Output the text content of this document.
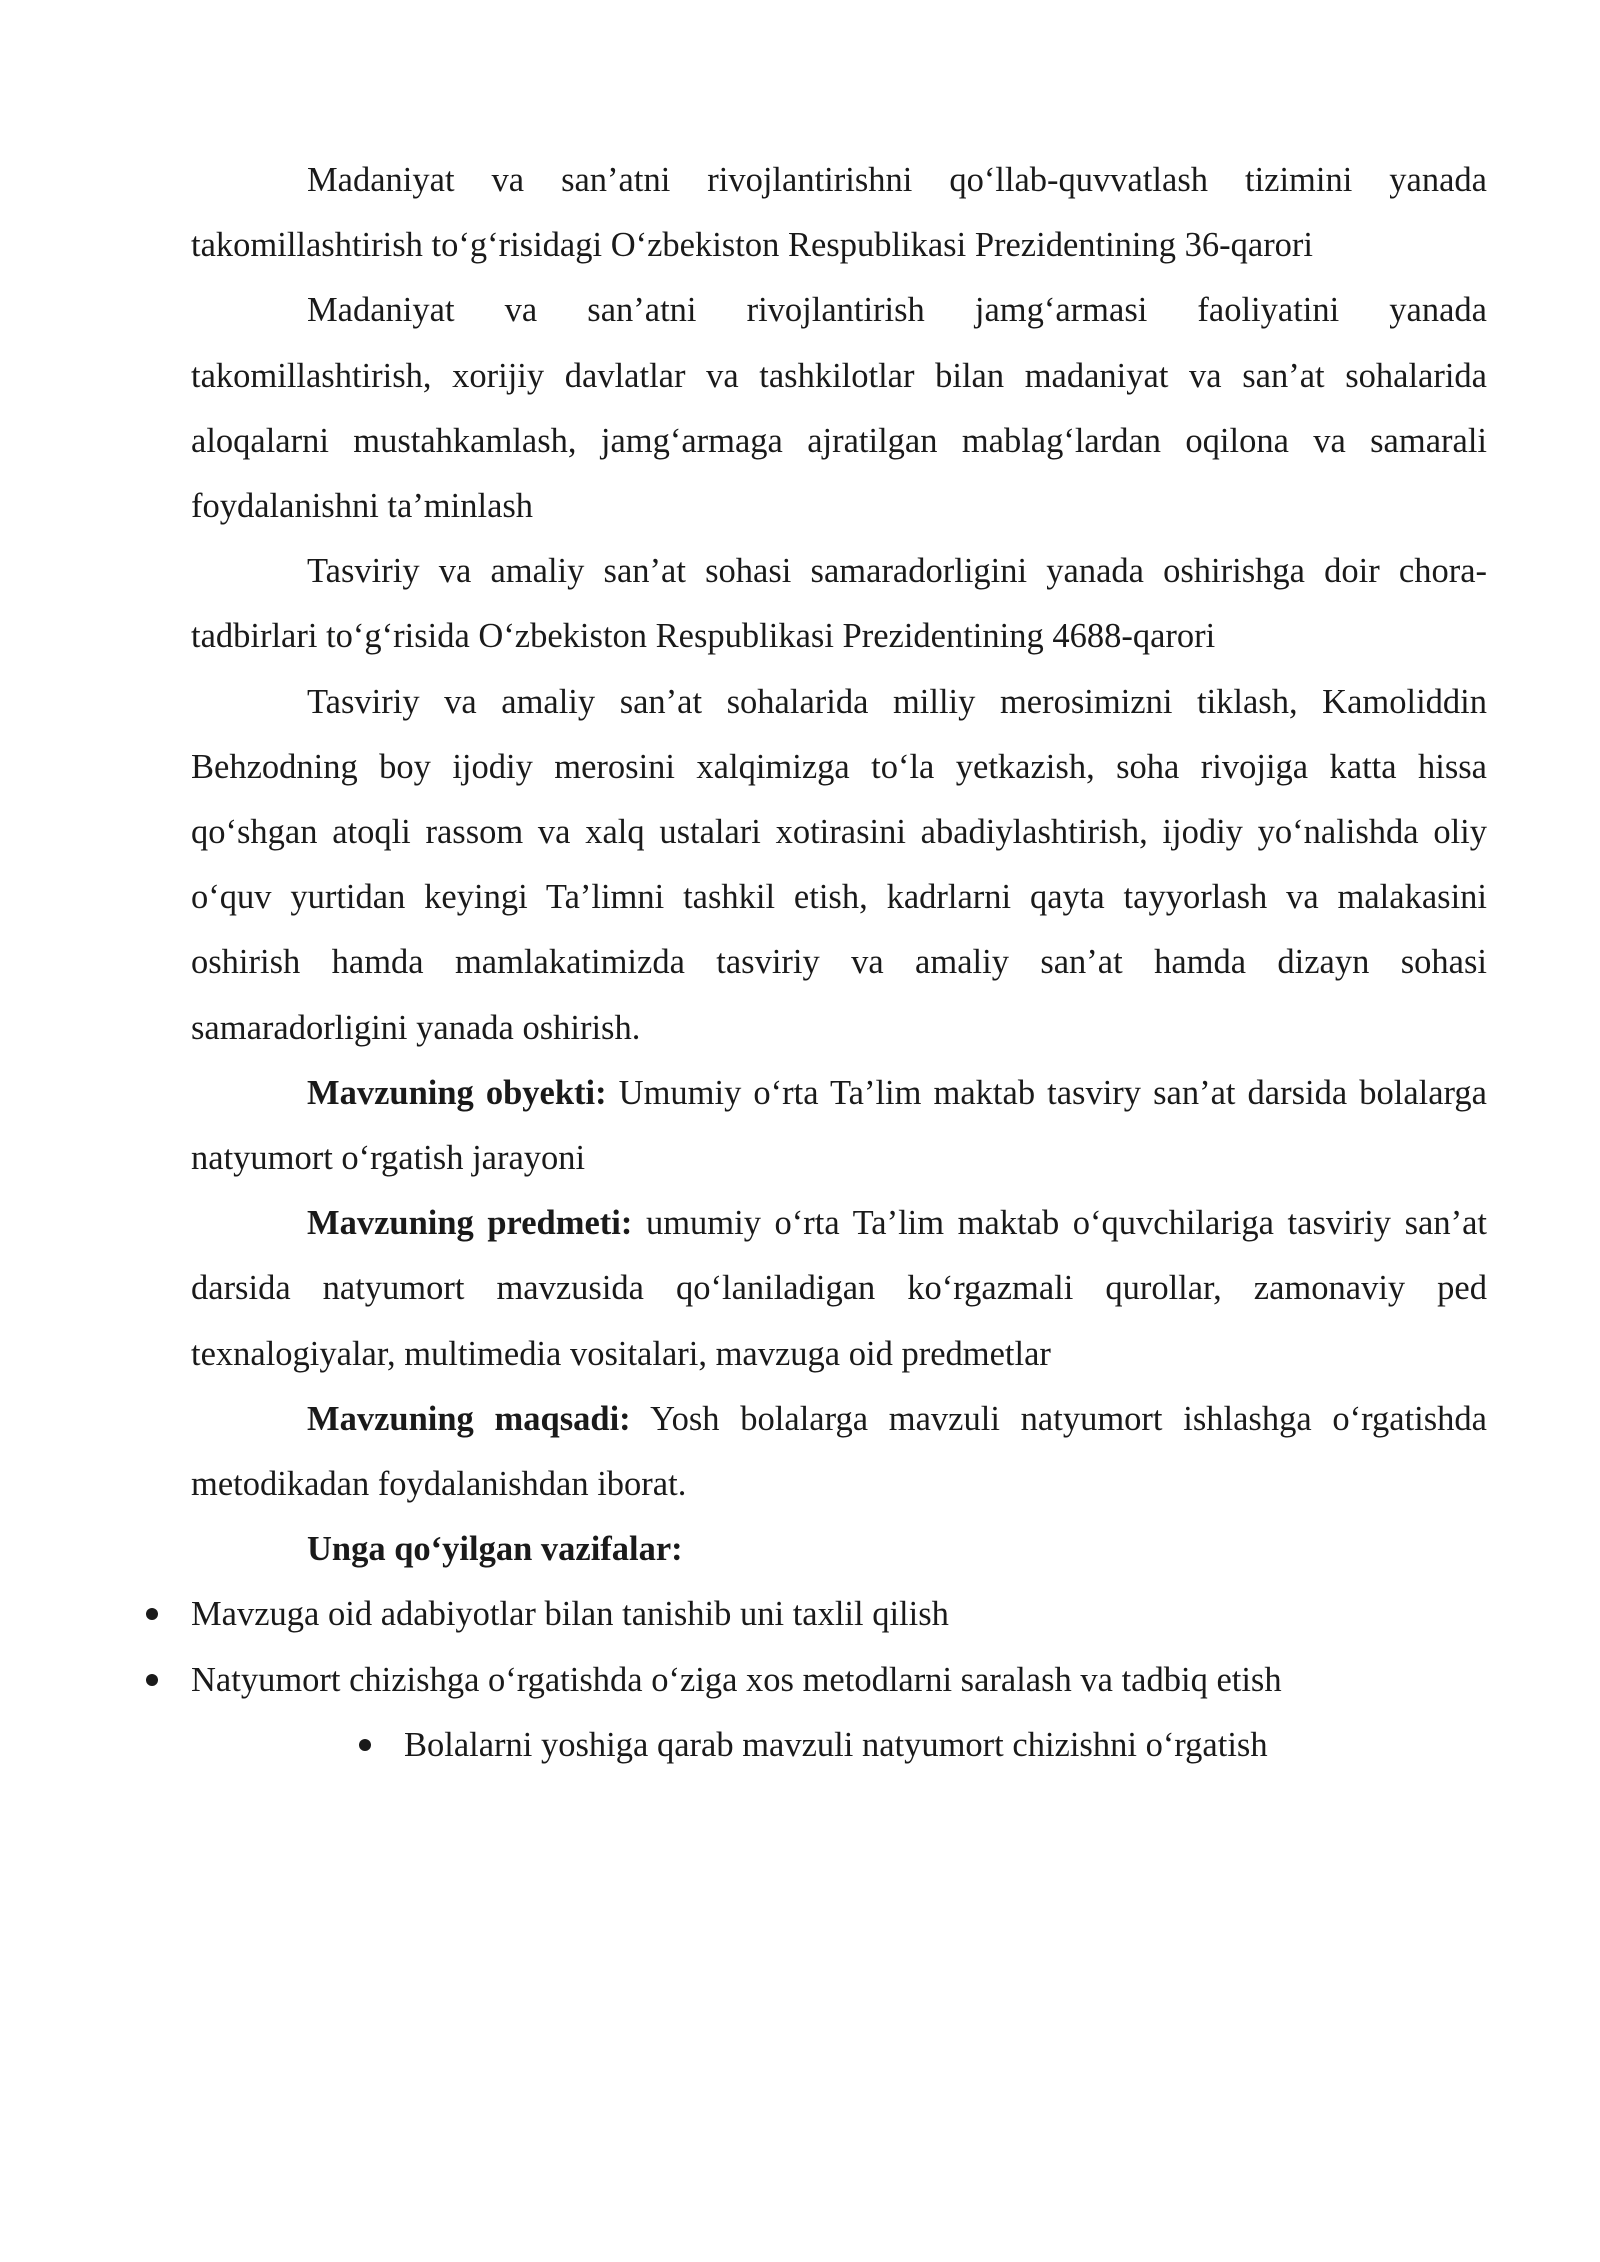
Madaniyat va san’atni rivojlantirishni qo‘llab-quvvatlash tizimini yanada takomillashtirish to‘g‘risidagi O‘zbekiston Respublikasi Prezidentining 36-qarori

Madaniyat va san’atni rivojlantirish jamg‘armasi faoliyatini yanada takomillashtirish, xorijiy davlatlar va tashkilotlar bilan madaniyat va san’at sohalarida aloqalarni mustahkamlash, jamg‘armaga ajratilgan mablag‘lardan oqilona va samarali foydalanishni ta’minlash

Tasviriy va amaliy san’at sohasi samaradorligini yanada oshirishga doir chora-tadbirlari to‘g‘risida O‘zbekiston Respublikasi Prezidentining 4688-qarori

Tasviriy va amaliy san’at sohalarida milliy merosimizni tiklash, Kamoliddin Behzodning boy ijodiy merosini xalqimizga to‘la yetkazish, soha rivojiga katta hissa qo‘shgan atoqli rassom va xalq ustalari xotirasini abadiylashtirish, ijodiy yo‘nalishda oliy o‘quv yurtidan keyingi Ta’limni tashkil etish, kadrlarni qayta tayyorlash va malakasini oshirish hamda mamlakatimizda tasviriy va amaliy san’at hamda dizayn sohasi samaradorligini yanada oshirish.

Mavzuning obyekti: Umumiy o‘rta Ta’lim maktab tasviry san’at darsida bolalarga natyumort o‘rgatish jarayoni

Mavzuning predmeti: umumiy o‘rta Ta’lim maktab o‘quvchilariga tasviriy san’at darsida natyumort mavzusida qo‘laniladigan ko‘rgazmali qurollar, zamonaviy ped texnalogiyalar, multimedia vositalari, mavzuga oid predmetlar

Mavzuning maqsadi: Yosh bolalarga mavzuli natyumort ishlashga o‘rgatishda metodikadan foydalanishdan iborat.

Unga qo‘yilgan vazifalar:

Mavzuga oid adabiyotlar bilan tanishib uni taxlil qilish
Natyumort chizishga o‘rgatishda o‘ziga xos metodlarni saralash va tadbiq etish
Bolalarni yoshiga qarab mavzuli natyumort chizishni o‘rgatish
